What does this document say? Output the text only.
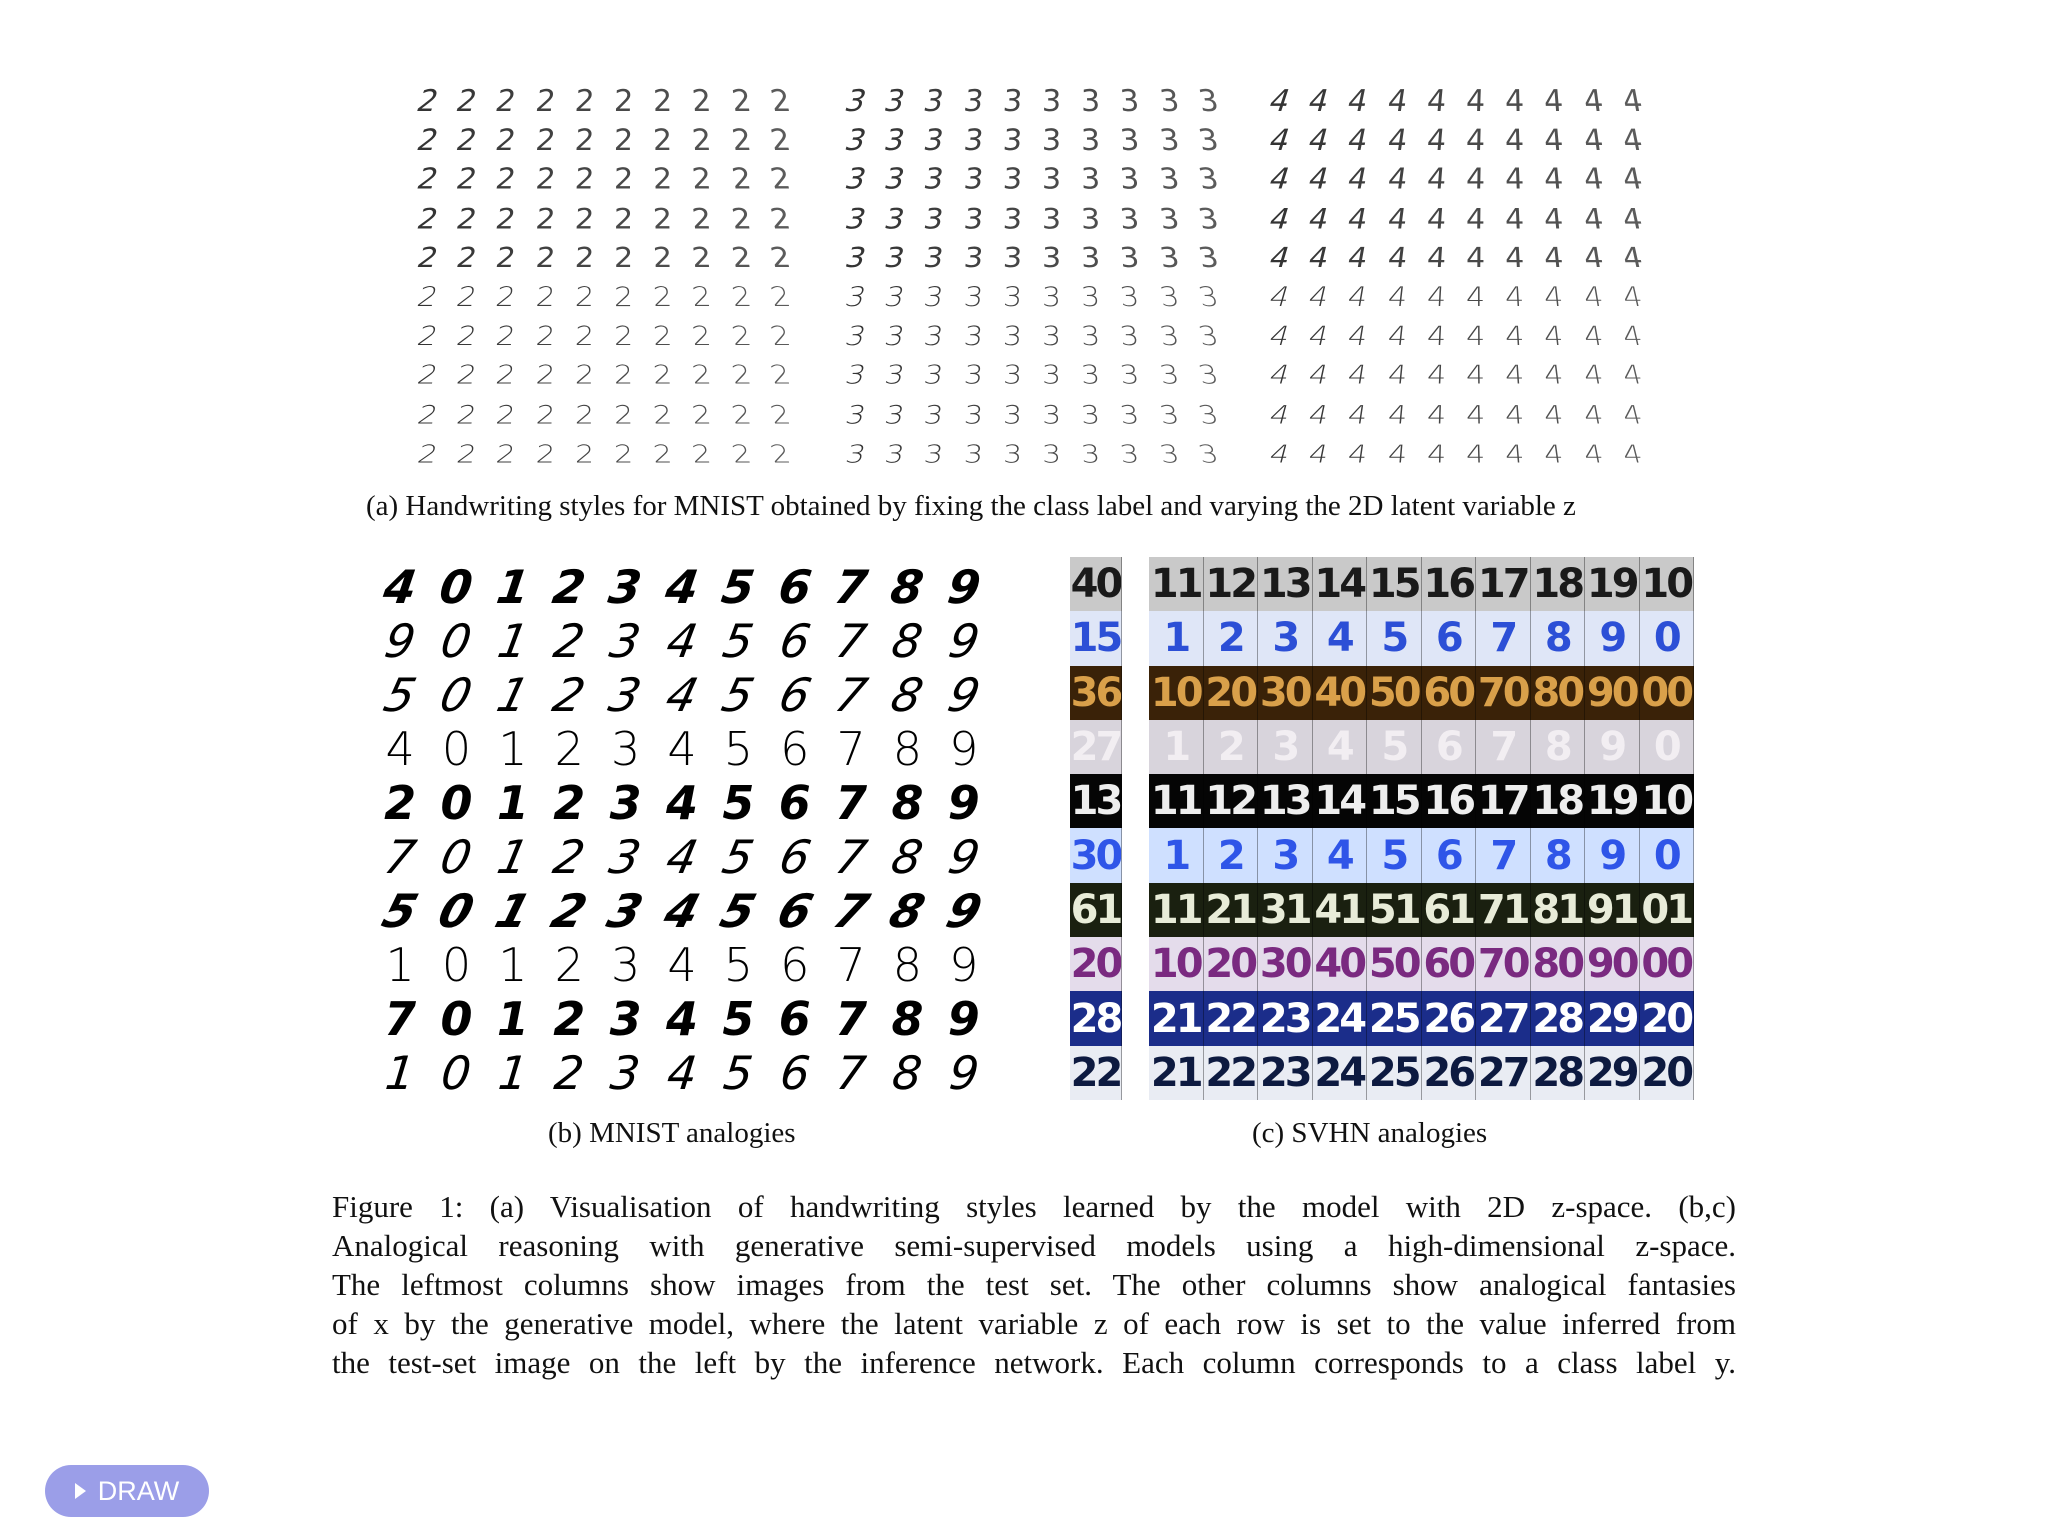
2 2 2 2 2 2 2 2 2 2
2 2 2 2 2 2 2 2 2 2
2 2 2 2 2 2 2 2 2 2
2 2 2 2 2 2 2 2 2 2
2 2 2 2 2 2 2 2 2 2
2 2 2 2 2 2 2 2 2 2
2 2 2 2 2 2 2 2 2 2
2 2 2 2 2 2 2 2 2 2
2 2 2 2 2 2 2 2 2 2
2 2 2 2 2 2 2 2 2 2
3 3 3 3 3 3 3 3 3 3
3 3 3 3 3 3 3 3 3 3
3 3 3 3 3 3 3 3 3 3
3 3 3 3 3 3 3 3 3 3
3 3 3 3 3 3 3 3 3 3
3 3 3 3 3 3 3 3 3 3
3 3 3 3 3 3 3 3 3 3
3 3 3 3 3 3 3 3 3 3
3 3 3 3 3 3 3 3 3 3
3 3 3 3 3 3 3 3 3 3
4 4 4 4 4 4 4 4 4 4
4 4 4 4 4 4 4 4 4 4
4 4 4 4 4 4 4 4 4 4
4 4 4 4 4 4 4 4 4 4
4 4 4 4 4 4 4 4 4 4
4 4 4 4 4 4 4 4 4 4
4 4 4 4 4 4 4 4 4 4
4 4 4 4 4 4 4 4 4 4
4 4 4 4 4 4 4 4 4 4
4 4 4 4 4 4 4 4 4 4

(a) Handwriting styles for MNIST obtained by fixing the class label and varying the 2D latent variable z

4 0 1 2 3 4 5 6 7 8 9
9 0 1 2 3 4 5 6 7 8 9
5 0 1 2 3 4 5 6 7 8 9
4 0 1 2 3 4 5 6 7 8 9
2 0 1 2 3 4 5 6 7 8 9
7 0 1 2 3 4 5 6 7 8 9
5 0 1 2 3 4 5 6 7 8 9
1 0 1 2 3 4 5 6 7 8 9
7 0 1 2 3 4 5 6 7 8 9
1 0 1 2 3 4 5 6 7 8 9

(b) MNIST analogies

40
15
36
27
13
30
61
20
28
22
11 12 13 14 15 16 17 18 19 10
1 2 3 4 5 6 7 8 9 0
10 20 30 40 50 60 70 80 90 00
1 2 3 4 5 6 7 8 9 0
11 12 13 14 15 16 17 18 19 10
1 2 3 4 5 6 7 8 9 0
11 21 31 41 51 61 71 81 91 01
10 20 30 40 50 60 70 80 90 00
21 22 23 24 25 26 27 28 29 20
21 22 23 24 25 26 27 28 29 20

(c) SVHN analogies

Figure 1: (a) Visualisation of handwriting styles learned by the model with 2D z-space. (b,c)
Analogical reasoning with generative semi-supervised models using a high-dimensional z-space.
The leftmost columns show images from the test set. The other columns show analogical fantasies
of x by the generative model, where the latent variable z of each row is set to the value inferred from
the test-set image on the left by the inference network. Each column corresponds to a class label y.

DRAW
